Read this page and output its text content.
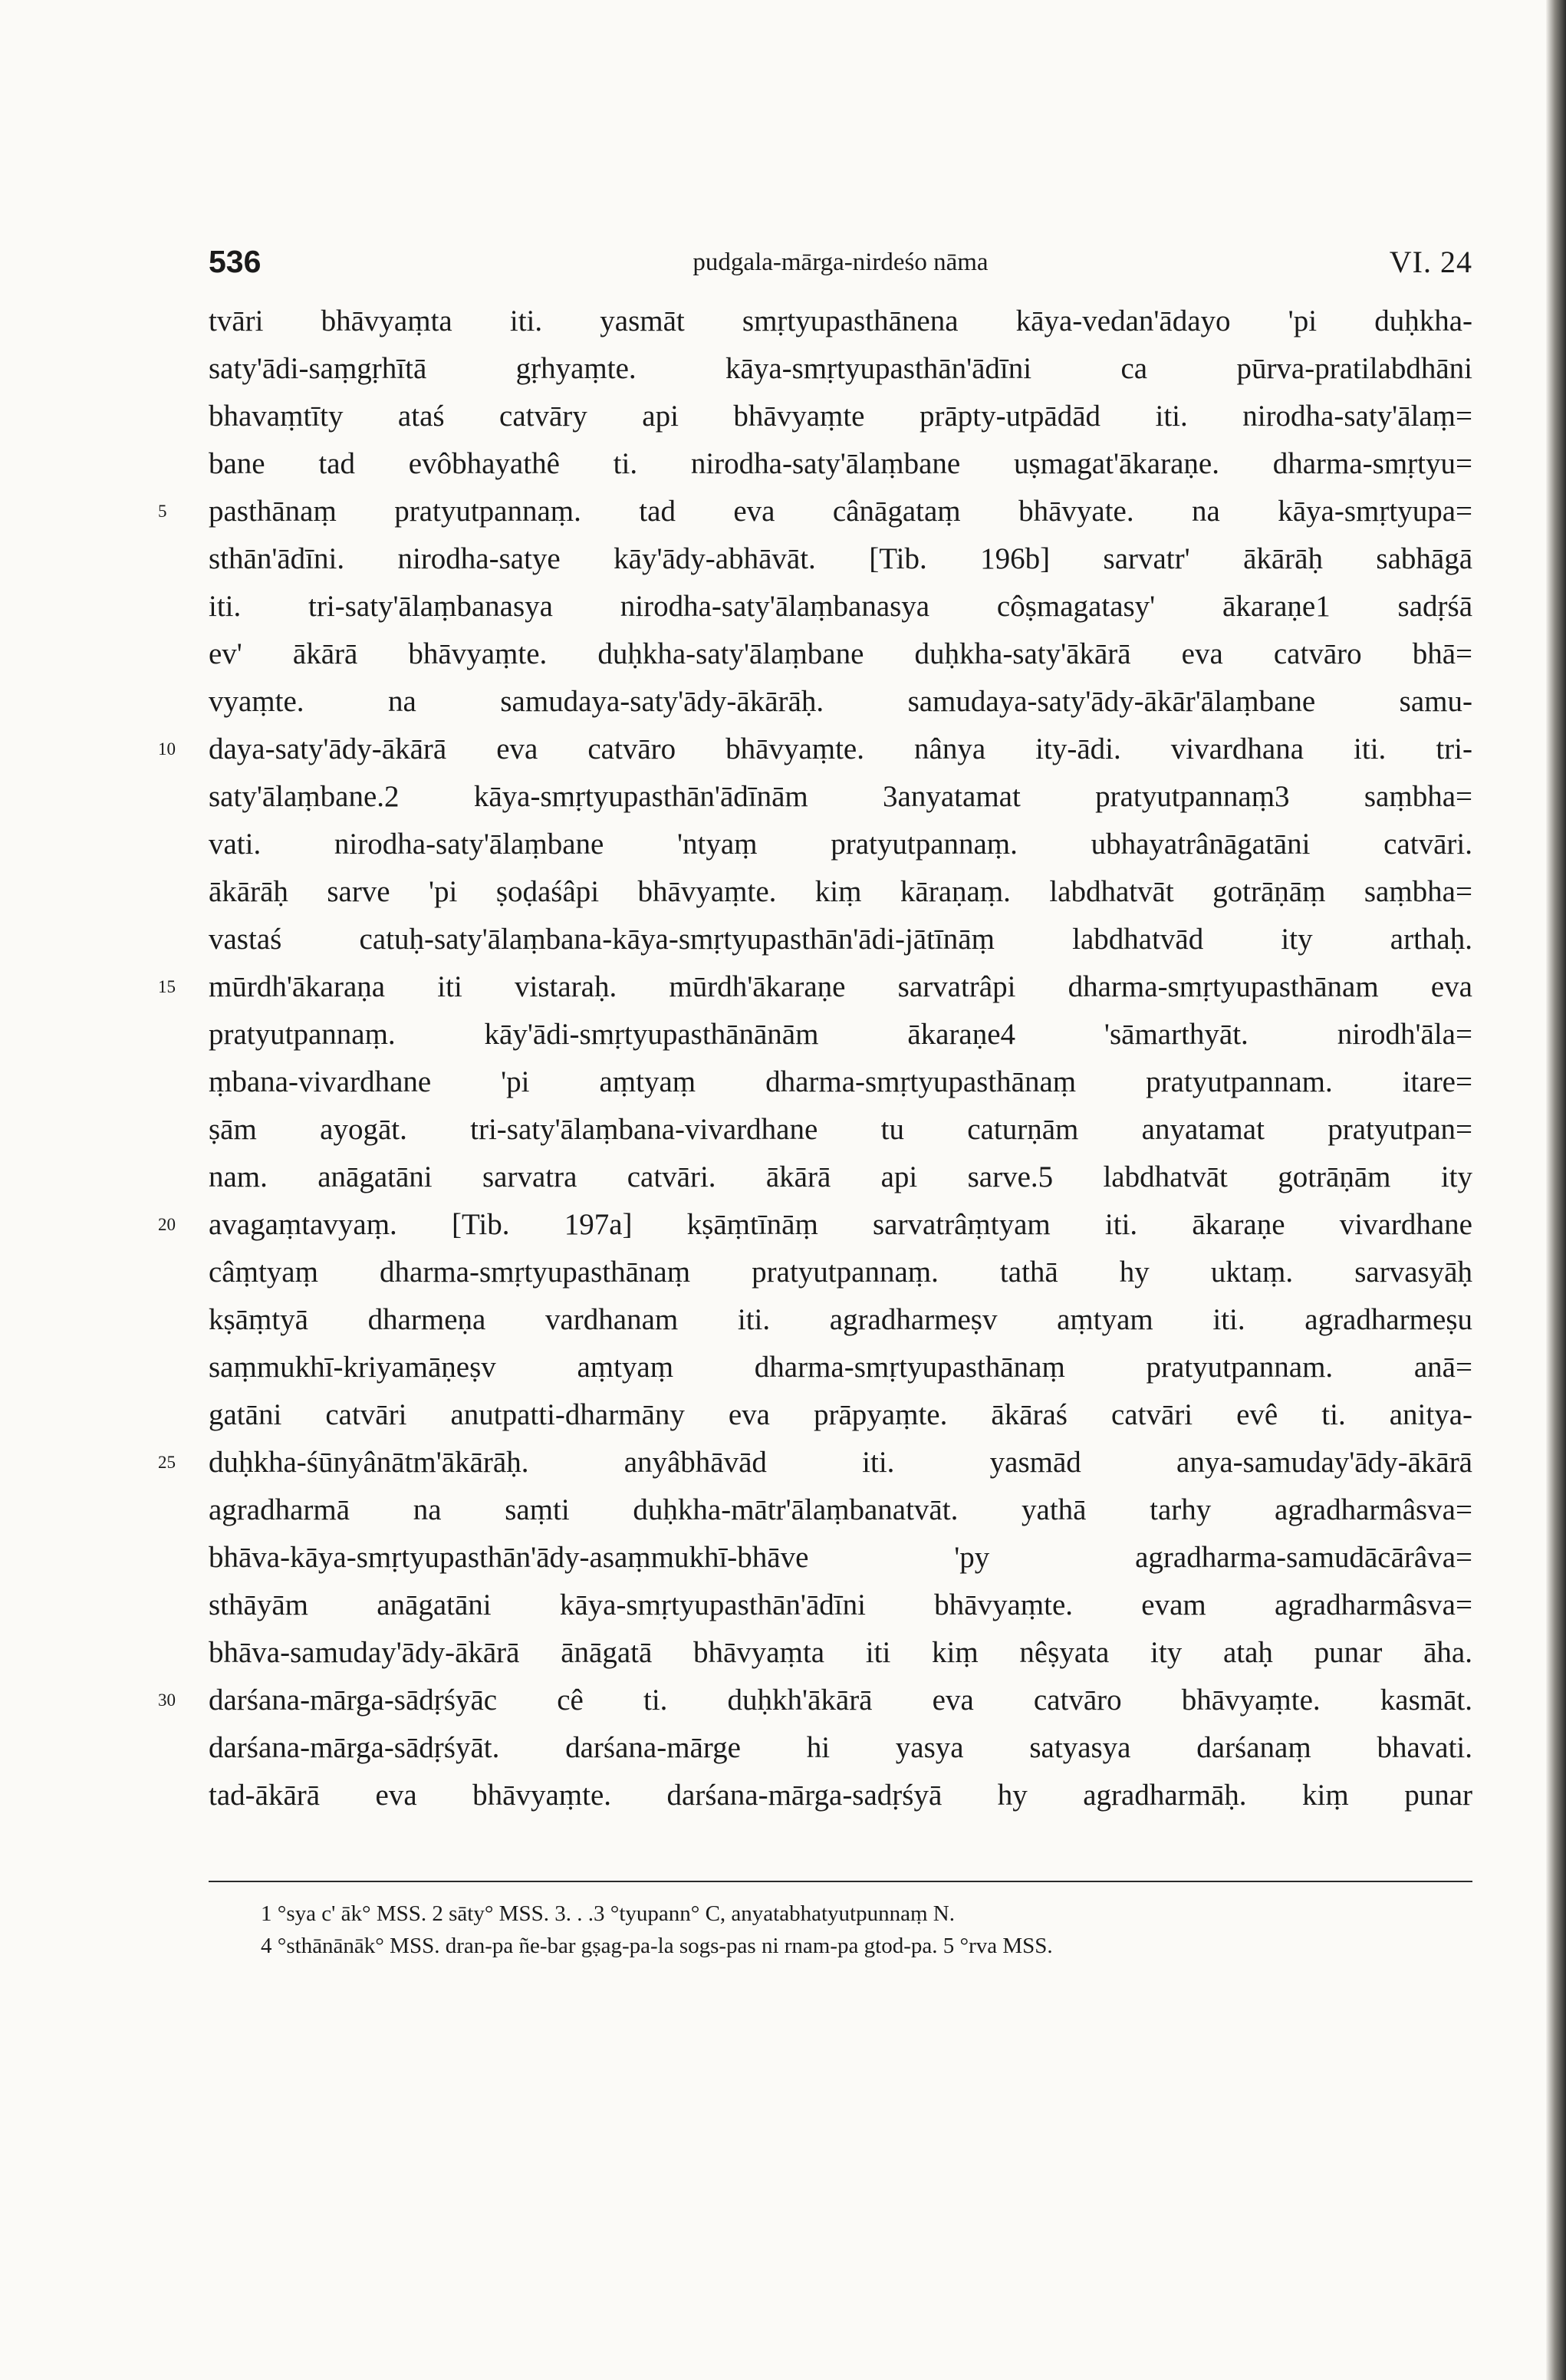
536	pudgala-mārga-nirdeśo nāma	VI. 24
tvāri bhāvyaṃta iti. yasmāt smṛtyupasthānena kāya-vedan'ādayo 'pi duḥkha-
saty'ādi-saṃgṛhītā gṛhyaṃte. kāya-smṛtyupasthān'ādīni ca pūrva-pratilabdhāni
bhavaṃtīty ataś catvāry api bhāvyaṃte prāpty-utpādād iti. nirodha-saty'ālaṃ=
bane tad evôbhayathê ti. nirodha-saty'ālaṃbane uṣmagat'ākaraṇe. dharma-smṛtyu=
5	pasthānaṃ pratyutpannaṃ. tad eva cânāgataṃ bhāvyate. na kāya-smṛtyupa=
sthān'ādīni. nirodha-satye kāy'ādy-abhāvāt. [Tib. 196b] sarvatr' ākārāḥ sabhāgā
iti. tri-saty'ālaṃbanasya nirodha-saty'ālaṃbanasya côṣmagatasy' ākaraṇe1 sadṛśā
ev' ākārā bhāvyaṃte. duḥkha-saty'ālaṃbane duḥkha-saty'ākārā eva catvāro bhā=
vyaṃte. na samudaya-saty'ādy-ākārāḥ. samudaya-saty'ādy-ākār'ālaṃbane samu-
10	daya-saty'ādy-ākārā eva catvāro bhāvyaṃte. nânya ity-ādi. vivardhana iti. tri-
saty'ālaṃbane.2 kāya-smṛtyupasthān'ādīnām 3anyatamat pratyutpannaṃ3 saṃbha=
vati. nirodha-saty'ālaṃbane 'ntyaṃ pratyutpannaṃ. ubhayatrânāgatāni catvāri.
ākārāḥ sarve 'pi ṣoḍaśâpi bhāvyaṃte. kiṃ kāraṇaṃ. labdhatvāt gotrāṇāṃ saṃbha=
vastaś catuḥ-saty'ālaṃbana-kāya-smṛtyupasthān'ādi-jātīnāṃ labdhatvād ity arthaḥ.
15	mūrdh'ākaraṇa iti vistaraḥ. mūrdh'ākaraṇe sarvatrâpi dharma-smṛtyupasthānam eva
pratyutpannaṃ. kāy'ādi-smṛtyupasthānānām ākaraṇe4 'sāmarthyāt. nirodh'āla=
ṃbana-vivardhane 'pi aṃtyaṃ dharma-smṛtyupasthānaṃ pratyutpannam. itare=
ṣām ayogāt. tri-saty'ālaṃbana-vivardhane tu caturṇām anyatamat pratyutpan=
nam. anāgatāni sarvatra catvāri. ākārā api sarve.5 labdhatvāt gotrāṇām ity
20	avagaṃtavyaṃ. [Tib. 197a] kṣāṃtīnāṃ sarvatrâṃtyam iti. ākaraṇe vivardhane
câṃtyaṃ dharma-smṛtyupasthānaṃ pratyutpannaṃ. tathā hy uktaṃ. sarvasyāḥ
kṣāṃtyā dharmeṇa vardhanam iti. agradharmeṣv aṃtyam iti. agradharmeṣu
saṃmukhī-kriyamāṇeṣv aṃtyaṃ dharma-smṛtyupasthānaṃ pratyutpannam. anā=
gatāni catvāri anutpatti-dharmāny eva prāpyaṃte. ākāraś catvāri evê ti. anitya-
25	duḥkha-śūnyânātm'ākārāḥ. anyâbhāvād iti. yasmād anya-samuday'ādy-ākārā
agradharmā na saṃti duḥkha-mātr'ālaṃbanatvāt. yathā tarhy agradharmâsva=
bhāva-kāya-smṛtyupasthān'ādy-asaṃmukhī-bhāve 'py agradharma-samudācārâva=
sthāyām anāgatāni kāya-smṛtyupasthān'ādīni bhāvyaṃte. evam agradharmâsva=
bhāva-samuday'ādy-ākārā ānāgatā bhāvyaṃta iti kiṃ nêṣyata ity ataḥ punar āha.
30	darśana-mārga-sādṛśyāc cê ti. duḥkh'ākārā eva catvāro bhāvyaṃte. kasmāt.
darśana-mārga-sādṛśyāt. darśana-mārge hi yasya satyasya darśanaṃ bhavati.
tad-ākārā eva bhāvyaṃte. darśana-mārga-sadṛśyā hy agradharmāḥ. kiṃ punar
1 °sya c' āk° MSS. 2 sāty° MSS. 3. . .3 °tyupann° C, anyatabhatyutpunnaṃ N.
4 °sthānānāk° MSS. dran-pa ñe-bar gṣag-pa-la sogs-pas ni rnam-pa gtod-pa. 5 °rva MSS.
